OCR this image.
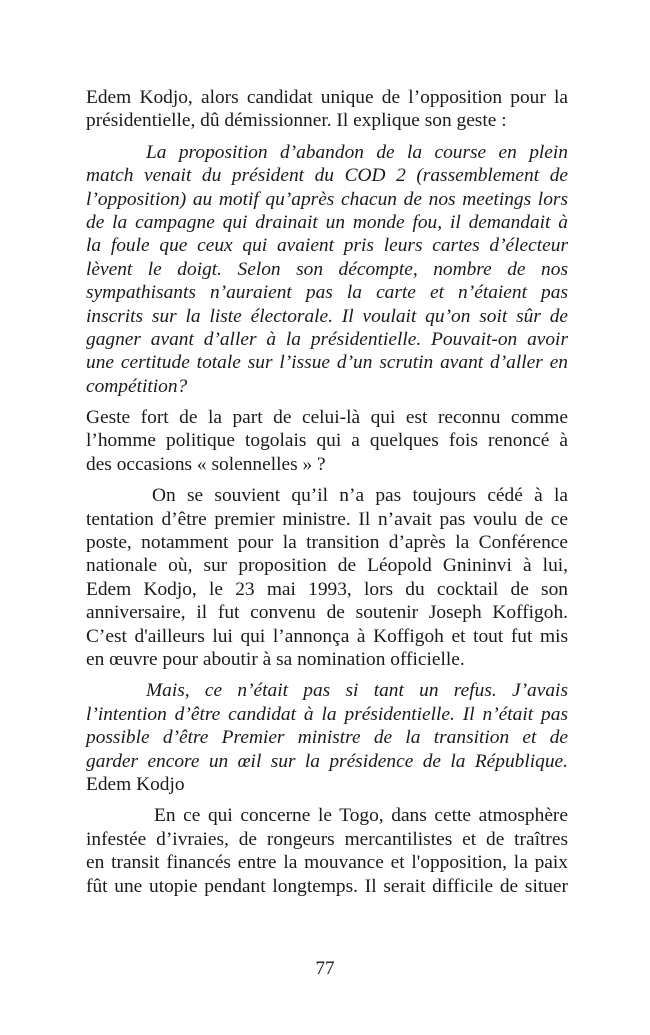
Edem Kodjo, alors candidat unique de l’opposition pour la
présidentielle, dû démissionner. Il explique son geste :
La proposition d’abandon de la course en plein
match venait du président du COD 2 (rassemblement de
l’opposition) au motif qu’après chacun de nos meetings lors
de la campagne qui drainait un monde fou, il demandait à
la foule que ceux qui avaient pris leurs cartes d’électeur
lèvent le doigt. Selon son décompte, nombre de nos
sympathisants n’auraient pas la carte et n’étaient pas
inscrits sur la liste électorale. Il voulait qu’on soit sûr de
gagner avant d’aller à la présidentielle. Pouvait-on avoir
une certitude totale sur l’issue d’un scrutin avant d’aller en
compétition?
Geste fort de la part de celui-là qui est reconnu comme
l’homme politique togolais qui a quelques fois renoncé à
des occasions « solennelles » ?
On se souvient qu’il n’a pas toujours cédé à la
tentation d’être premier ministre. Il n’avait pas voulu de ce
poste, notamment pour la transition d’après la Conférence
nationale où, sur proposition de Léopold Gnininvi à lui,
Edem Kodjo, le 23 mai 1993, lors du cocktail de son
anniversaire, il fut convenu de soutenir Joseph Koffigoh.
C’est d'ailleurs lui qui l’annonça à Koffigoh et tout fut mis
en œuvre pour aboutir à sa nomination officielle.
Mais, ce n’était pas si tant un refus. J’avais
l’intention d’être candidat à la présidentielle. Il n’était pas
possible d’être Premier ministre de la transition et de
garder encore un œil sur la présidence de la République.
Edem Kodjo
En ce qui concerne le Togo, dans cette atmosphère
infestée d’ivraies, de rongeurs mercantilistes et de traîtres
en transit financés entre la mouvance et l'opposition, la paix
fût une utopie pendant longtemps. Il serait difficile de situer
77
